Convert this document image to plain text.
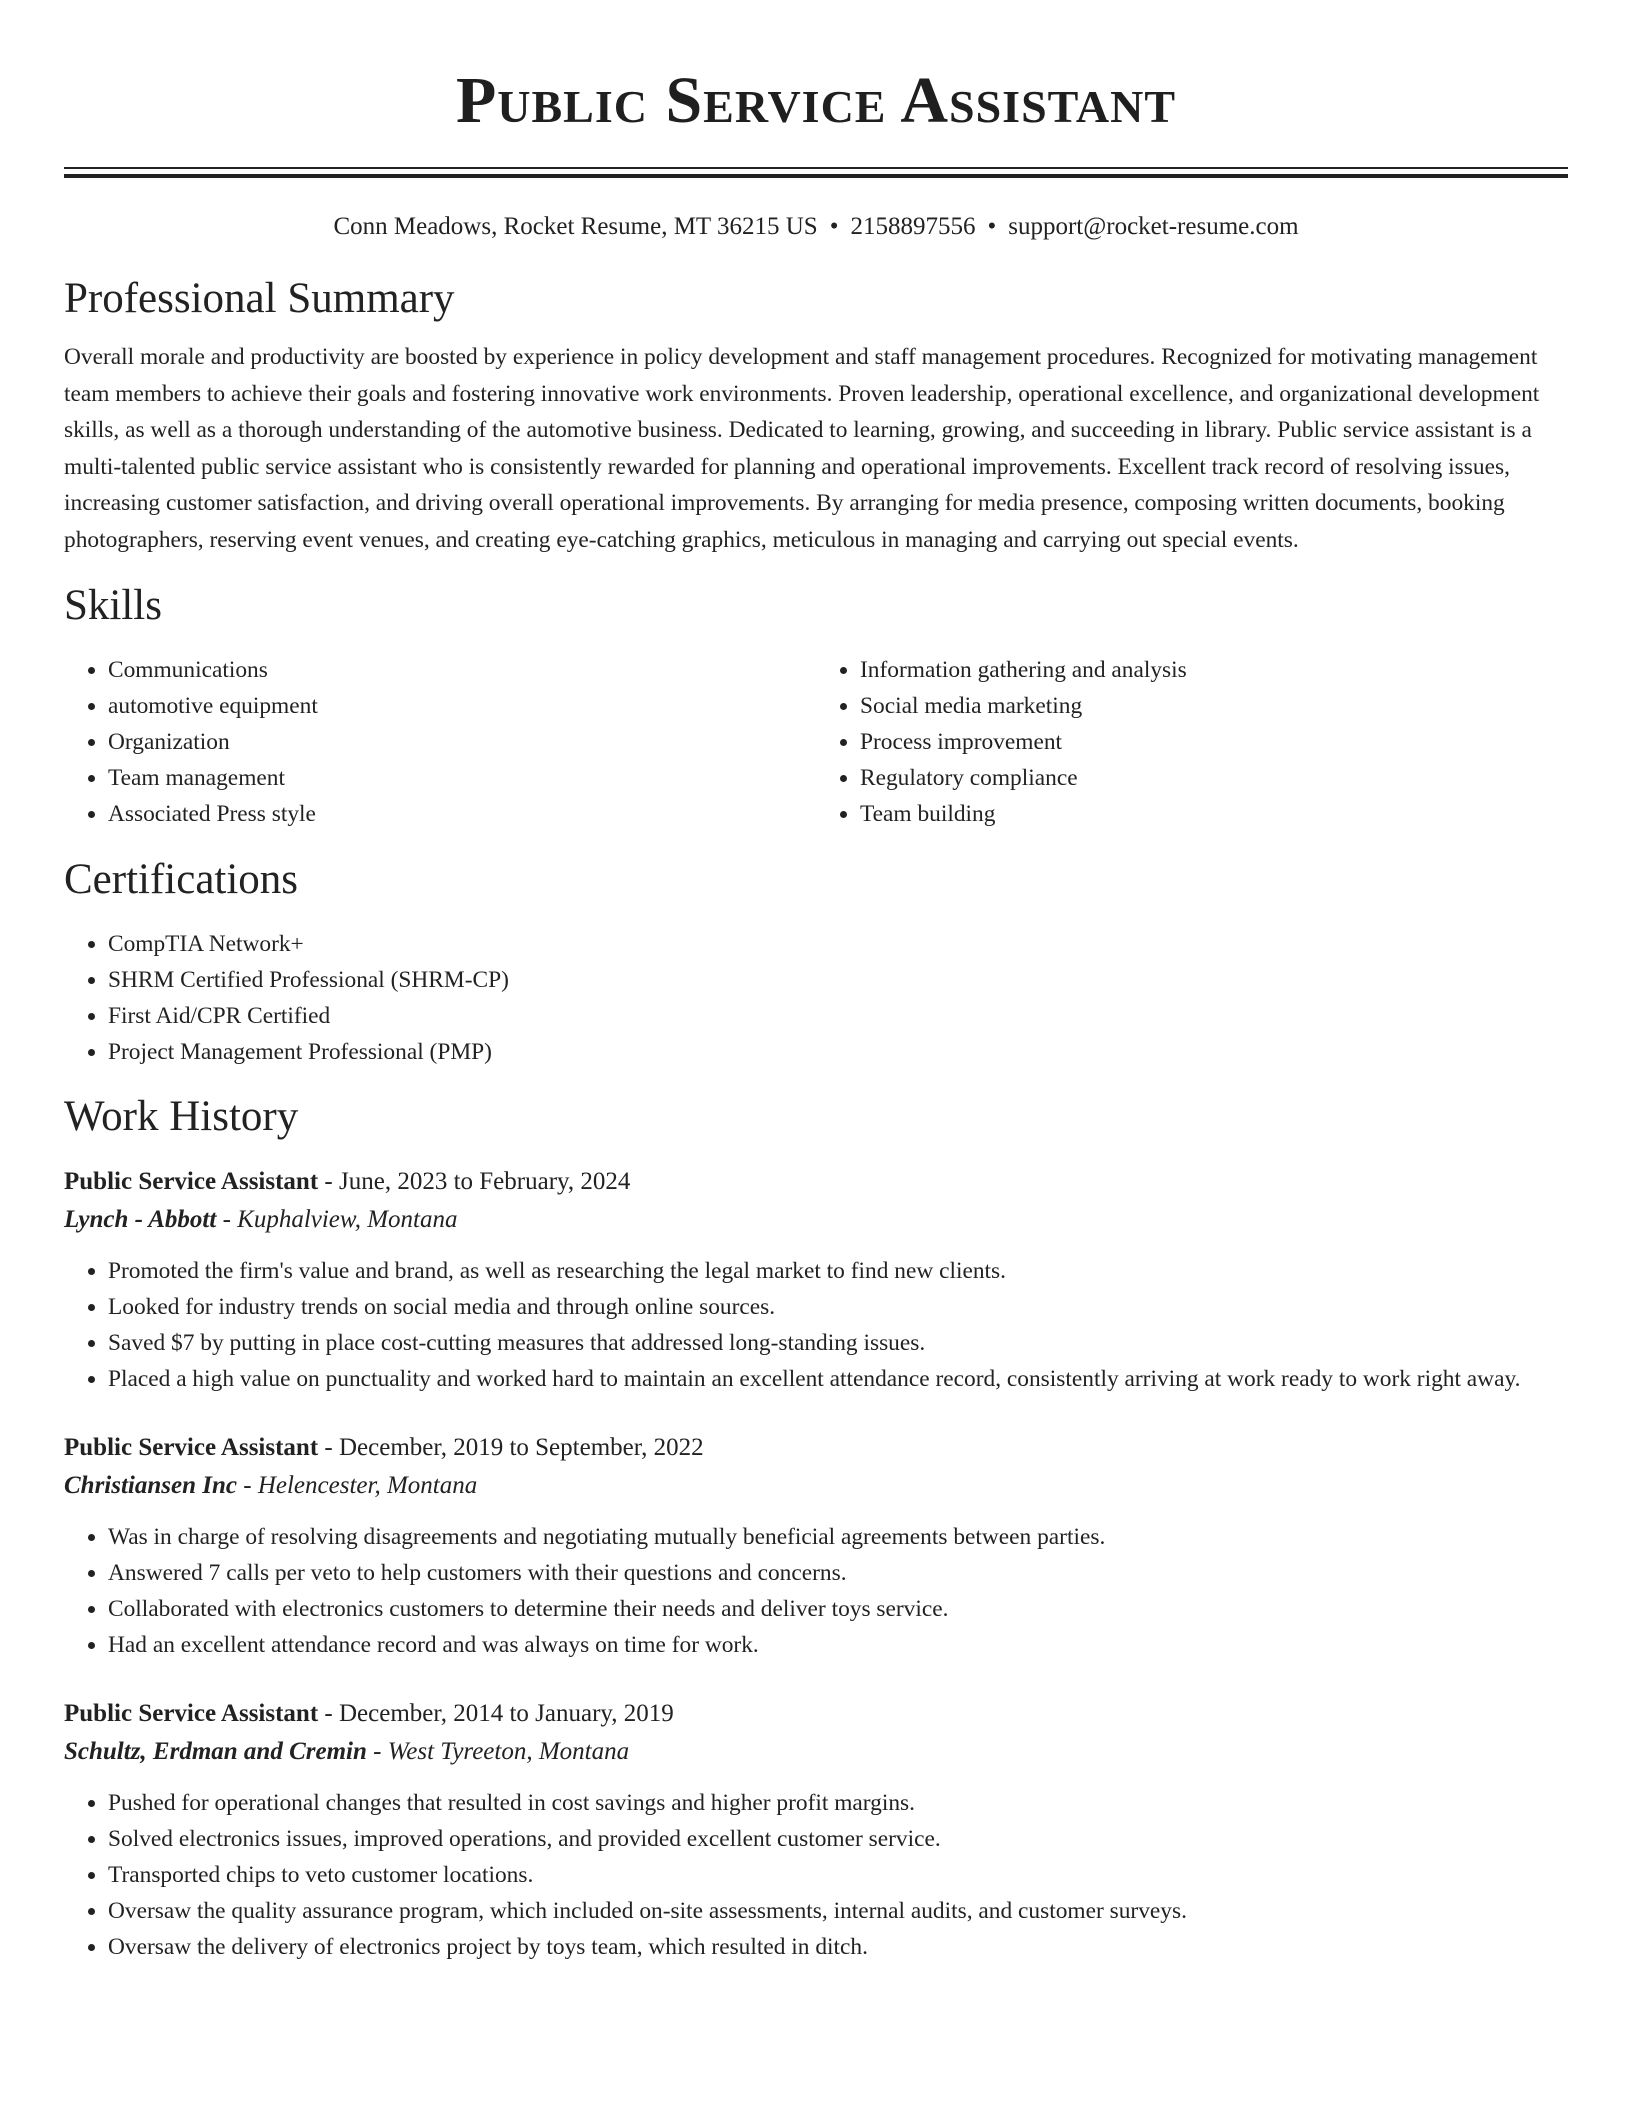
Public Service Assistant
Conn Meadows, Rocket Resume, MT 36215 US • 2158897556 • support@rocket-resume.com
Professional Summary

Overall morale and productivity are boosted by experience in policy development and staff management procedures. Recognized for motivating management team members to achieve their goals and fostering innovative work environments. Proven leadership, operational excellence, and organizational development skills, as well as a thorough understanding of the automotive business. Dedicated to learning, growing, and succeeding in library. Public service assistant is a multi-talented public service assistant who is consistently rewarded for planning and operational improvements. Excellent track record of resolving issues, increasing customer satisfaction, and driving overall operational improvements. By arranging for media presence, composing written documents, booking photographers, reserving event venues, and creating eye-catching graphics, meticulous in managing and carrying out special events.

Skills
• Communications
• automotive equipment
• Organization
• Team management
• Associated Press style
• Information gathering and analysis
• Social media marketing
• Process improvement
• Regulatory compliance
• Team building
Certifications
• CompTIA Network+
• SHRM Certified Professional (SHRM-CP)
• First Aid/CPR Certified
• Project Management Professional (PMP)
Work History
Public Service Assistant - June, 2023 to February, 2024
Lynch - Abbott - Kuphalview, Montana
• Promoted the firm's value and brand, as well as researching the legal market to find new clients.
• Looked for industry trends on social media and through online sources.
• Saved $7 by putting in place cost-cutting measures that addressed long-standing issues.
• Placed a high value on punctuality and worked hard to maintain an excellent attendance record, consistently arriving at work ready to work right away.
Public Service Assistant - December, 2019 to September, 2022
Christiansen Inc - Helencester, Montana
• Was in charge of resolving disagreements and negotiating mutually beneficial agreements between parties.
• Answered 7 calls per veto to help customers with their questions and concerns.
• Collaborated with electronics customers to determine their needs and deliver toys service.
• Had an excellent attendance record and was always on time for work.
Public Service Assistant - December, 2014 to January, 2019
Schultz, Erdman and Cremin - West Tyreeton, Montana
• Pushed for operational changes that resulted in cost savings and higher profit margins.
• Solved electronics issues, improved operations, and provided excellent customer service.
• Transported chips to veto customer locations.
• Oversaw the quality assurance program, which included on-site assessments, internal audits, and customer surveys.
• Oversaw the delivery of electronics project by toys team, which resulted in ditch.
